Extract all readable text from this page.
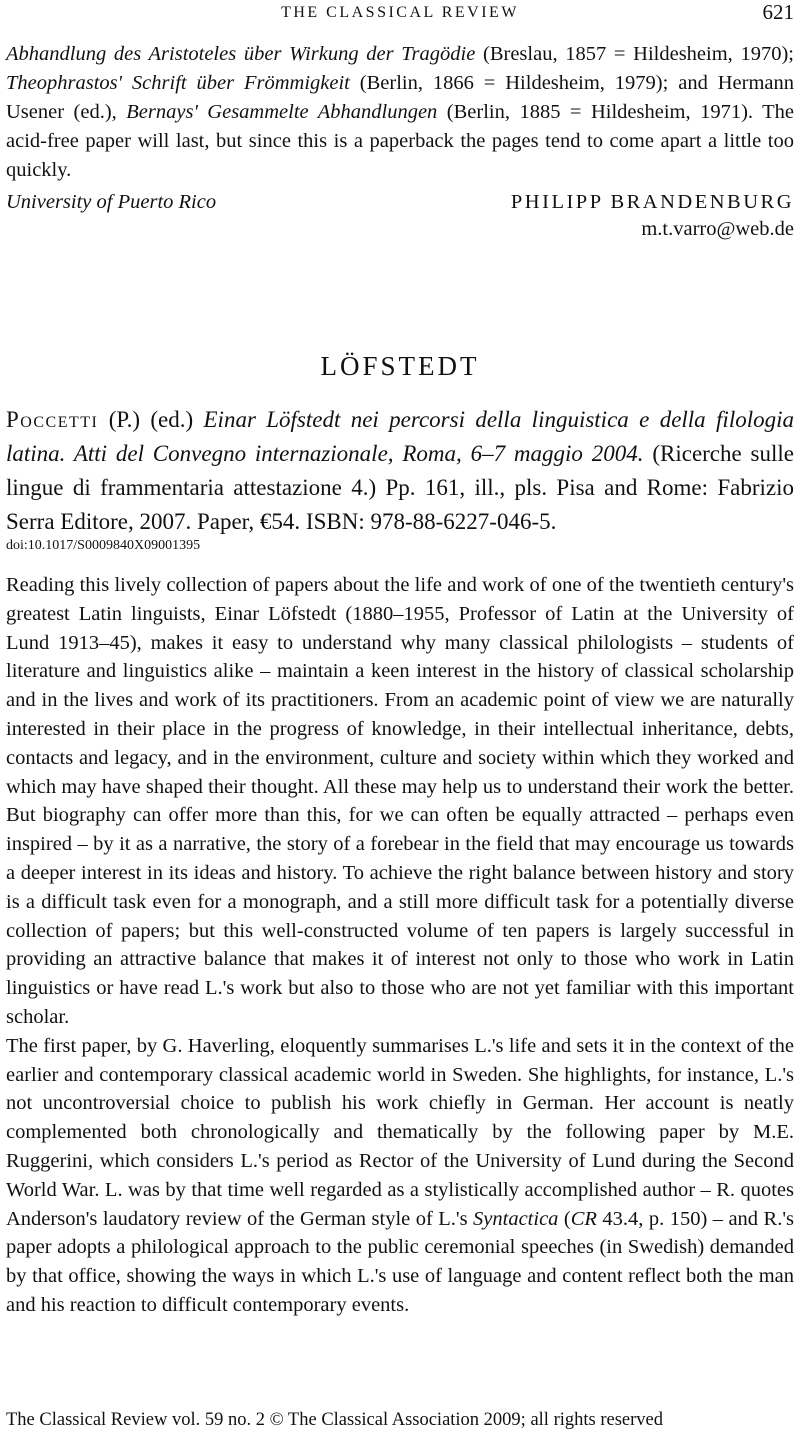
THE CLASSICAL REVIEW	621

Abhandlung des Aristoteles über Wirkung der Tragödie (Breslau, 1857 = Hildesheim, 1970); Theophrastos' Schrift über Frömmigkeit (Berlin, 1866 = Hildesheim, 1979); and Hermann Usener (ed.), Bernays' Gesammelte Abhandlungen (Berlin, 1885 = Hildesheim, 1971). The acid-free paper will last, but since this is a paperback the pages tend to come apart a little too quickly.

University of Puerto Rico	PHILIPP BRANDENBURG
m.t.varro@web.de
LÖFSTEDT

Poccetti (P.) (ed.) Einar Löfstedt nei percorsi della linguistica e della filologia latina. Atti del Convegno internazionale, Roma, 6–7 maggio 2004. (Ricerche sulle lingue di frammentaria attestazione 4.) Pp. 161, ill., pls. Pisa and Rome: Fabrizio Serra Editore, 2007. Paper, €54. ISBN: 978-88-6227-046-5.

doi:10.1017/S0009840X09001395

Reading this lively collection of papers about the life and work of one of the twentieth century's greatest Latin linguists, Einar Löfstedt (1880–1955, Professor of Latin at the University of Lund 1913–45), makes it easy to understand why many classical philologists – students of literature and linguistics alike – maintain a keen interest in the history of classical scholarship and in the lives and work of its practitioners. From an academic point of view we are naturally interested in their place in the progress of knowledge, in their intellectual inheritance, debts, contacts and legacy, and in the environment, culture and society within which they worked and which may have shaped their thought. All these may help us to understand their work the better. But biography can offer more than this, for we can often be equally attracted – perhaps even inspired – by it as a narrative, the story of a forebear in the field that may encourage us towards a deeper interest in its ideas and history. To achieve the right balance between history and story is a difficult task even for a monograph, and a still more difficult task for a potentially diverse collection of papers; but this well-constructed volume of ten papers is largely successful in providing an attractive balance that makes it of interest not only to those who work in Latin linguistics or have read L.'s work but also to those who are not yet familiar with this important scholar.

The first paper, by G. Haverling, eloquently summarises L.'s life and sets it in the context of the earlier and contemporary classical academic world in Sweden. She highlights, for instance, L.'s not uncontroversial choice to publish his work chiefly in German. Her account is neatly complemented both chronologically and thematically by the following paper by M.E. Ruggerini, which considers L.'s period as Rector of the University of Lund during the Second World War. L. was by that time well regarded as a stylistically accomplished author – R. quotes Anderson's laudatory review of the German style of L.'s Syntactica (CR 43.4, p. 150) – and R.'s paper adopts a philological approach to the public ceremonial speeches (in Swedish) demanded by that office, showing the ways in which L.'s use of language and content reflect both the man and his reaction to difficult contemporary events.

The Classical Review vol. 59 no. 2 © The Classical Association 2009; all rights reserved
